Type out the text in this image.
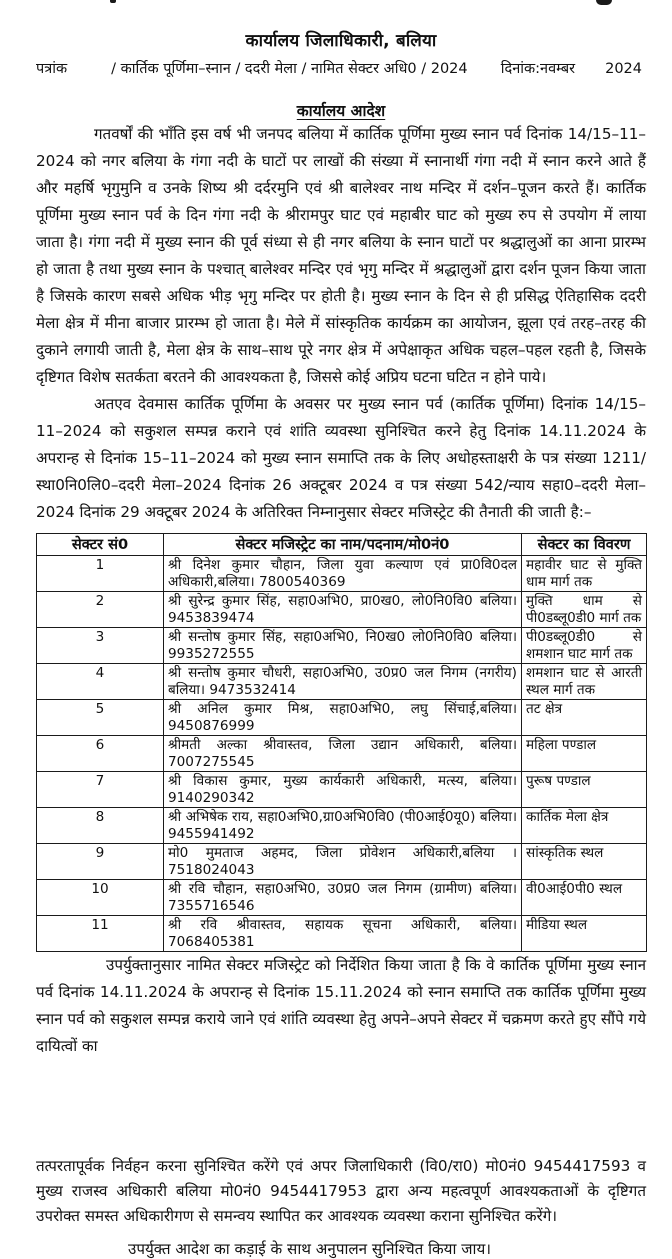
कार्यालय जिलाधिकारी, बलिया
पत्रांक	/ कार्तिक पूर्णिमा–स्नान / ददरी मेला / नामित सेक्टर अधि0 / 2024 दिनांक:नवम्बर 2024
कार्यालय आदेश

गतवर्षों की भाँति इस वर्ष भी जनपद बलिया में कार्तिक पूर्णिमा मुख्य स्नान पर्व दिनांक 14/15–11–2024 को नगर बलिया के गंगा नदी के घाटों पर लाखों की संख्या में स्नानार्थी गंगा नदी में स्नान करने आते हैं और महर्षि भृगुमुनि व उनके शिष्य श्री दर्दरमुनि एवं श्री बालेश्वर नाथ मन्दिर में दर्शन–पूजन करते हैं। कार्तिक पूर्णिमा मुख्य स्नान पर्व के दिन गंगा नदी के श्रीरामपुर घाट एवं महाबीर घाट को मुख्य रुप से उपयोग में लाया जाता है। गंगा नदी में मुख्य स्नान की पूर्व संध्या से ही नगर बलिया के स्नान घाटों पर श्रद्धालुओं का आना प्रारम्भ हो जाता है तथा मुख्य स्नान के पश्चात् बालेश्वर मन्दिर एवं भृगु मन्दिर में श्रद्धालुओं द्वारा दर्शन पूजन किया जाता है जिसके कारण सबसे अधिक भीड़ भृगु मन्दिर पर होती है। मुख्य स्नान के दिन से ही प्रसिद्ध ऐतिहासिक ददरी मेला क्षेत्र में मीना बाजार प्रारम्भ हो जाता है। मेले में सांस्कृतिक कार्यक्रम का आयोजन, झूला एवं तरह–तरह की दुकाने लगायी जाती है, मेला क्षेत्र के साथ–साथ पूरे नगर क्षेत्र में अपेक्षाकृत अधिक चहल–पहल रहती है, जिसके दृष्टिगत विशेष सतर्कता बरतने की आवश्यकता है, जिससे कोई अप्रिय घटना घटित न होने पाये।

अतएव देवमास कार्तिक पूर्णिमा के अवसर पर मुख्य स्नान पर्व (कार्तिक पूर्णिमा) दिनांक 14/15–11–2024 को सकुशल सम्पन्न कराने एवं शांति व्यवस्था सुनिश्चित करने हेतु दिनांक 14.11.2024 के अपरान्ह से दिनांक 15–11–2024 को मुख्य स्नान समाप्ति तक के लिए अधोहस्ताक्षरी के पत्र संख्या 1211/स्था0नि0लि0–ददरी मेला–2024 दिनांक 26 अक्टूबर 2024 व पत्र संख्या 542/न्याय सहा0–ददरी मेला–2024 दिनांक 29 अक्टूबर 2024 के अतिरिक्त निम्नानुसार सेक्टर मजिस्ट्रेट की तैनाती की जाती है:–

सेक्टर सं0	सेक्टर मजिस्ट्रेट का नाम/पदनाम/मो0नं0	सेक्टर का विवरण
1	श्री दिनेश कुमार चौहान, जिला युवा कल्याण एवं प्रा0वि0दल अधिकारी,बलिया। 7800540369	महावीर घाट से मुक्ति धाम मार्ग तक
2	श्री सुरेन्द्र कुमार सिंह, सहा0अभि0, प्रा0ख0, लो0नि0वि0 बलिया। 9453839474	मुक्ति धाम से पी0डब्लू0डी0 मार्ग तक
3	श्री सन्तोष कुमार सिंह, सहा0अभि0, नि0ख0 लो0नि0वि0 बलिया। 9935272555	पी0डब्लू0डी0 से शमशान घाट मार्ग तक
4	श्री सन्तोष कुमार चौधरी, सहा0अभि0, उ0प्र0 जल निगम (नगरीय) बलिया। 9473532414	शमशान घाट से आरती स्थल मार्ग तक
5	श्री अनिल कुमार मिश्र, सहा0अभि0, लघु सिंचाई,बलिया। 9450876999	तट क्षेत्र
6	श्रीमती अल्का श्रीवास्तव, जिला उद्यान अधिकारी, बलिया। 7007275545	महिला पण्डाल
7	श्री विकास कुमार, मुख्य कार्यकारी अधिकारी, मत्स्य, बलिया। 9140290342	पुरूष पण्डाल
8	श्री अभिषेक राय, सहा0अभि0,ग्रा0अभि0वि0 (पी0आई0यू0) बलिया। 9455941492	कार्तिक मेला क्षेत्र
9	मो0 मुमताज अहमद, जिला प्रोवेशन अधिकारी,बलिया ।7518024043	सांस्कृतिक स्थल
10	श्री रवि चौहान, सहा0अभि0, उ0प्र0 जल निगम (ग्रामीण) बलिया। 7355716546	वी0आई0पी0 स्थल
11	श्री रवि श्रीवास्तव, सहायक सूचना अधिकारी, बलिया। 7068405381	मीडिया स्थल

उपर्युक्तानुसार नामित सेक्टर मजिस्ट्रेट को निर्देशित किया जाता है कि वे कार्तिक पूर्णिमा मुख्य स्नान पर्व दिनांक 14.11.2024 के अपरान्ह से दिनांक 15.11.2024 को स्नान समाप्ति तक कार्तिक पूर्णिमा मुख्य स्नान पर्व को सकुशल सम्पन्न कराये जाने एवं शांति व्यवस्था हेतु अपने–अपने सेक्टर में चक्रमण करते हुए सौंपे गये दायित्वों का

तत्परतापूर्वक निर्वहन करना सुनिश्चित करेंगे एवं अपर जिलाधिकारी (वि0/रा0) मो0नं0 9454417593 व मुख्य राजस्व अधिकारी बलिया मो0नं0 9454417953 द्वारा अन्य महत्वपूर्ण आवश्यकताओं के दृष्टिगत उपरोक्त समस्त अधिकारीगण से समन्वय स्थापित कर आवश्यक व्यवस्था कराना सुनिश्चित करेंगे।

उपर्युक्त आदेश का कड़ाई के साथ अनुपालन सुनिश्चित किया जाय।
